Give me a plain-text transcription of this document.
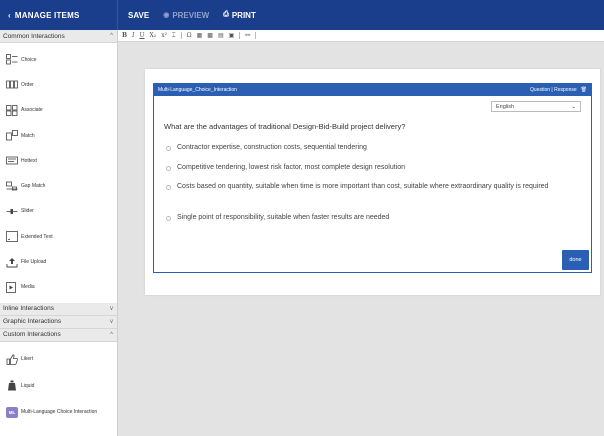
‹ MANAGE ITEMS	SAVE ◉ PREVIEW ⎙ PRINT
Common Interactions	^
Choice
Order
Associate
Match
Hottext
Gap Match
Slider
Extended Text
File Upload
Media
Inline Interactions	v
Graphic Interactions	v
Custom Interactions	^
Likert
Liquid
ML	Multi-Language Choice Interaction
B I U X₂ x² ⌶ Ω ▦ ▩ ▤ ▣ ⚯
Multi-Language_Choice_Interaction	Question | Response 🗑
English	⌄
What are the advantages of traditional Design-Bid-Build project delivery?
Contractor expertise, construction costs, sequential tendering
Competitive tendering, lowest risk factor, most complete design resolution
Costs based on quantity, suitable when time is more important than cost, suitable where extraordinary quality is required
Single point of responsibility, suitable when faster results are needed
done
